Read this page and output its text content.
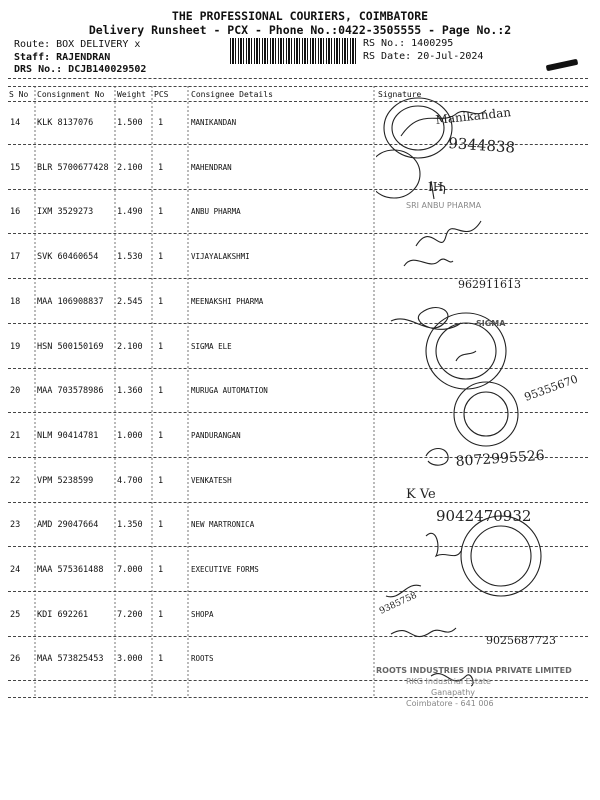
THE PROFESSIONAL COURIERS, COIMBATORE
Delivery Runsheet - PCX - Phone No.:0422-3505555 - Page No.:2
Route: BOX DELIVERY x
Staff: RAJENDRAN
DRS No.: DCJB140029502
RS No.: 1400295
RS Date: 20-Jul-2024
S No Consignment No Weight PCS	Consignee Details	Signature
14 KLK 8137076	1.500 1	MANIKANDAN
15 BLR 5700677428 2.100 1	MAHENDRAN
16 IXM 3529273	1.490 1	ANBU PHARMA
17 SVK 60460654 1.530 1	VIJAYALAKSHMI
18 MAA 106908837 2.545 1	MEENAKSHI PHARMA
19 HSN 500150169 2.100 1	SIGMA ELE
20 MAA 703578986 1.360 1	MURUGA AUTOMATION
21 NLM 90414781 1.000 1	PANDURANGAN
22 VPM 5238599	4.700 1	VENKATESH
23 AMD 29047664 1.350 1	NEW MARTRONICA
24 MAA 575361488 7.000 1	EXECUTIVE FORMS
25 KDI 692261	7.200 1	SHOPA
26 MAA 573825453 3.000 1	ROOTS
Manikandan
9344838
IH
962911613
95355670
8072995526
K Ve
9042470932
9385758
9025687723
SRI ANBU PHARMA
SIGMA
ROOTS INDUSTRIES INDIA PRIVATE LIMITED
RKG Industrial Estate
Ganapathy
Coimbatore - 641 006
